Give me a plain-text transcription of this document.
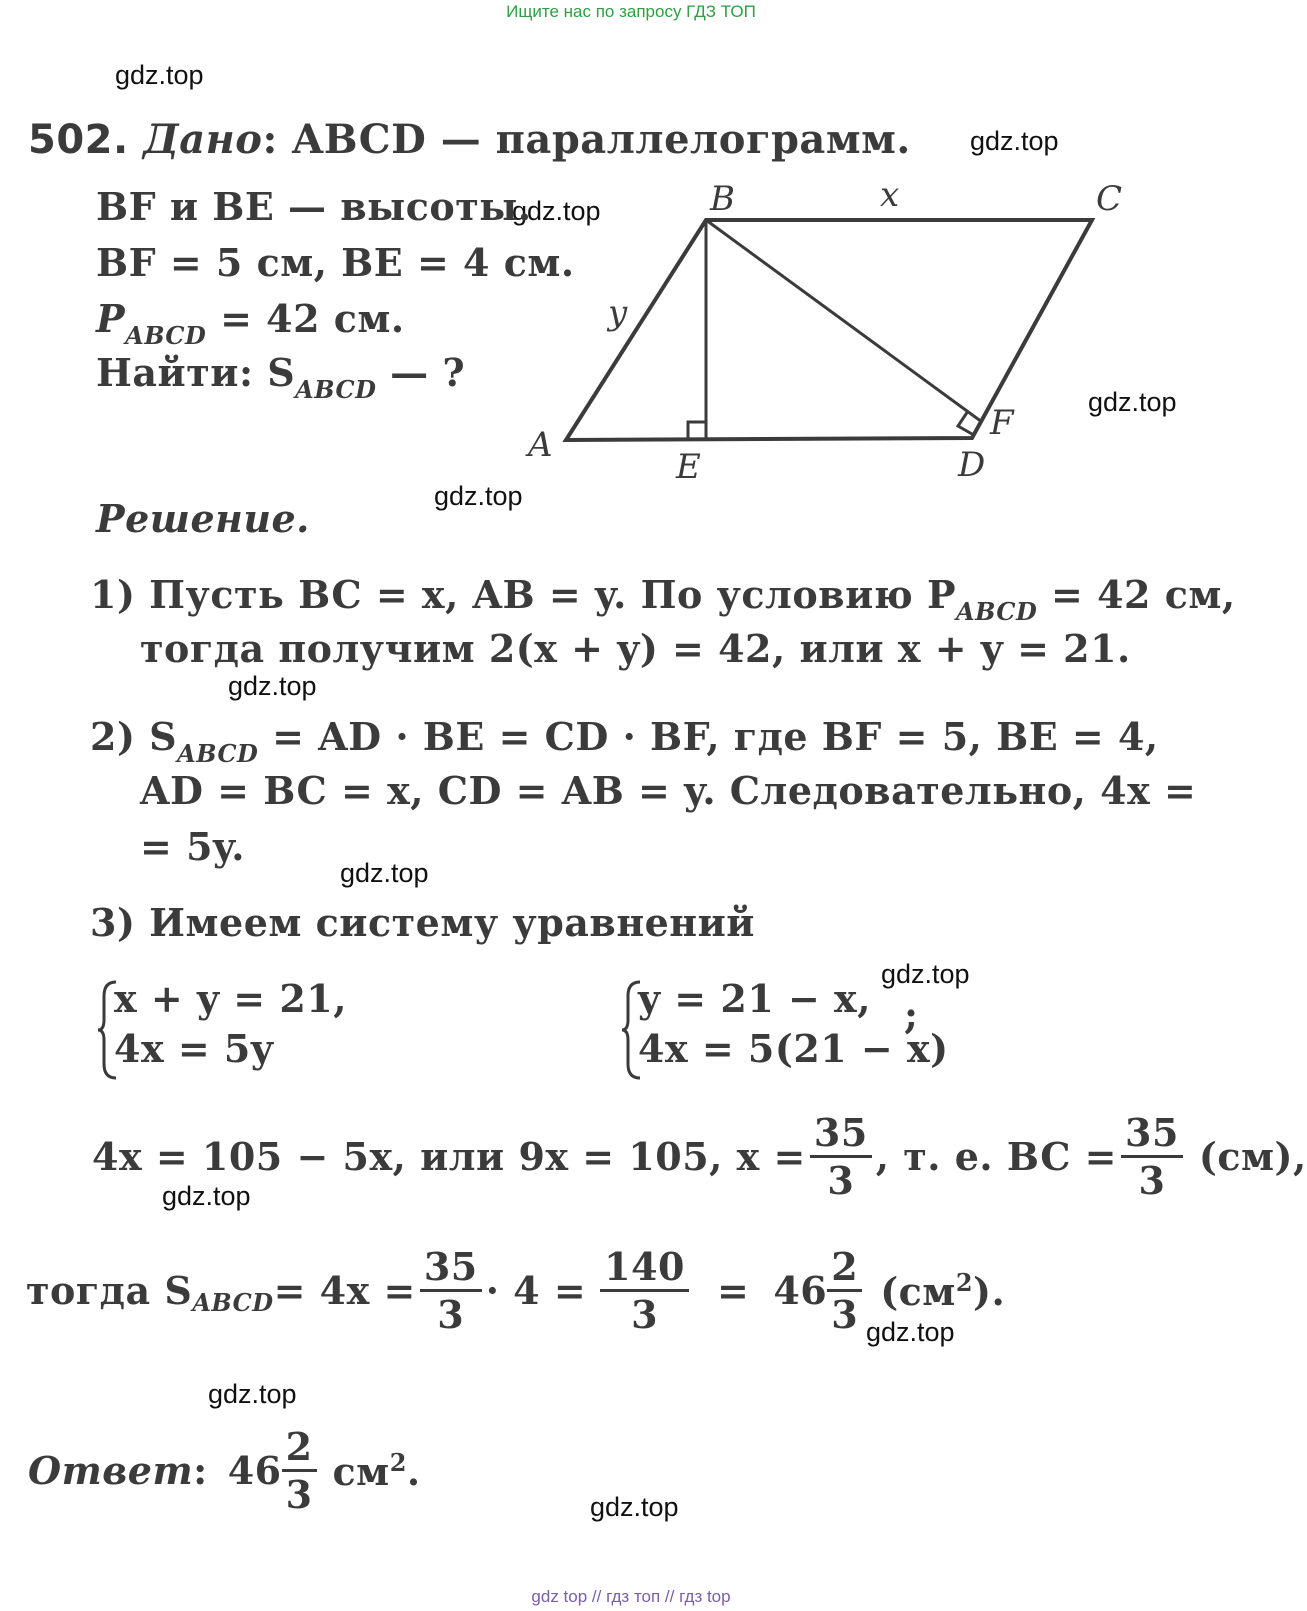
Ищите нас по запросу ГДЗ ТОП
gdz.top
gdz.top
gdz.top
gdz.top
gdz.top
gdz.top
gdz.top
gdz.top
gdz.top
gdz.top
gdz.top
gdz.top
502. Дано: ABCD — параллелограмм.
BF и BE — высоты.
BF = 5 см, BE = 4 см.
$P_{ABCD} = 42$ см.
Найти: $S_{ABCD}$ — ?
B	C
A	D
E
F
x
y
Решение.
1) Пусть BC = x, AB = y. По условию $P_{ABCD} = 42$ см,
тогда получим 2(x + y) = 42, или x + y = 21.
2) $S_{ABCD}$ = AD · BE = CD · BF, где BF = 5, BE = 4,
AD = BC = x, CD = AB = y. Следовательно, 4x =
= 5y.
3) Имеем систему уравнений
x + y = 21,
4x = 5y
y = 21 − x,
4x = 5(21 − x)
;
4x = 105 − 5x, или 9x = 105, $x = \frac{35}{3}$ , т. е. BC = $\frac{35}{3} (см)$,
тогда S ABCD = $4x = \frac{35}{3} \cdot 4 = \frac{140}{3} = 46 \frac{2}{3} (см^2)$.
Ответ : $46 \frac{2}{3} см^2$.
gdz top // гдз топ // гдз top
